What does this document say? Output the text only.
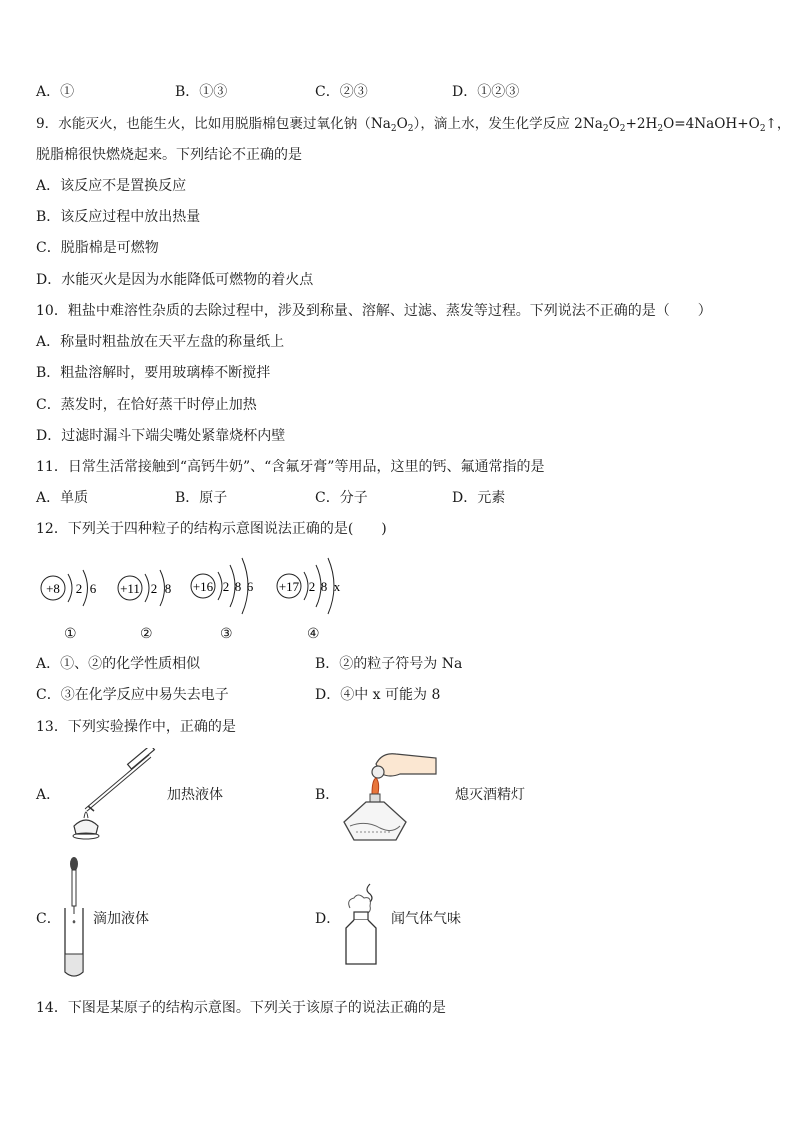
A．①	B．①③	C．②③	D．①②③
9．水能灭火，也能生火，比如用脱脂棉包裹过氧化钠$(Na_2O_2)$，滴上水，发生化学反应 $2Na_2O_2+2H_2O=4NaOH+O_2↑$，
脱脂棉很快燃烧起来。下列结论不正确的是
A．该反应不是置换反应
B．该反应过程中放出热量
C．脱脂棉是可燃物
D．水能灭火是因为水能降低可燃物的着火点
10．粗盐中难溶性杂质的去除过程中，涉及到称量、溶解、过滤、蒸发等过程。下列说法不正确的是（　　）
A．称量时粗盐放在天平左盘的称量纸上
B．粗盐溶解时，要用玻璃棒不断搅拌
C．蒸发时，在恰好蒸干时停止加热
D．过滤时漏斗下端尖嘴处紧靠烧杯内壁
11．日常生活常接触到“高钙牛奶”、“含氟牙膏”等用品，这里的钙、氟通常指的是
A．单质	B．原子	C．分子	D．元素
12．下列关于四种粒子的结构示意图说法正确的是(　　)
+8 2 6
①
+11 2 8
②
+16 2 8 6
③
+17 2 8 x
④
A．①、②的化学性质相似	B．②的粒子符号为 Na
C．③在化学反应中易失去电子	D．④中 x 可能为 8
13．下列实验操作中，正确的是
A．	加热液体	B．	熄灭酒精灯
C． 滴加液体	D．	闻气体气味
14．下图是某原子的结构示意图。下列关于该原子的说法正确的是
